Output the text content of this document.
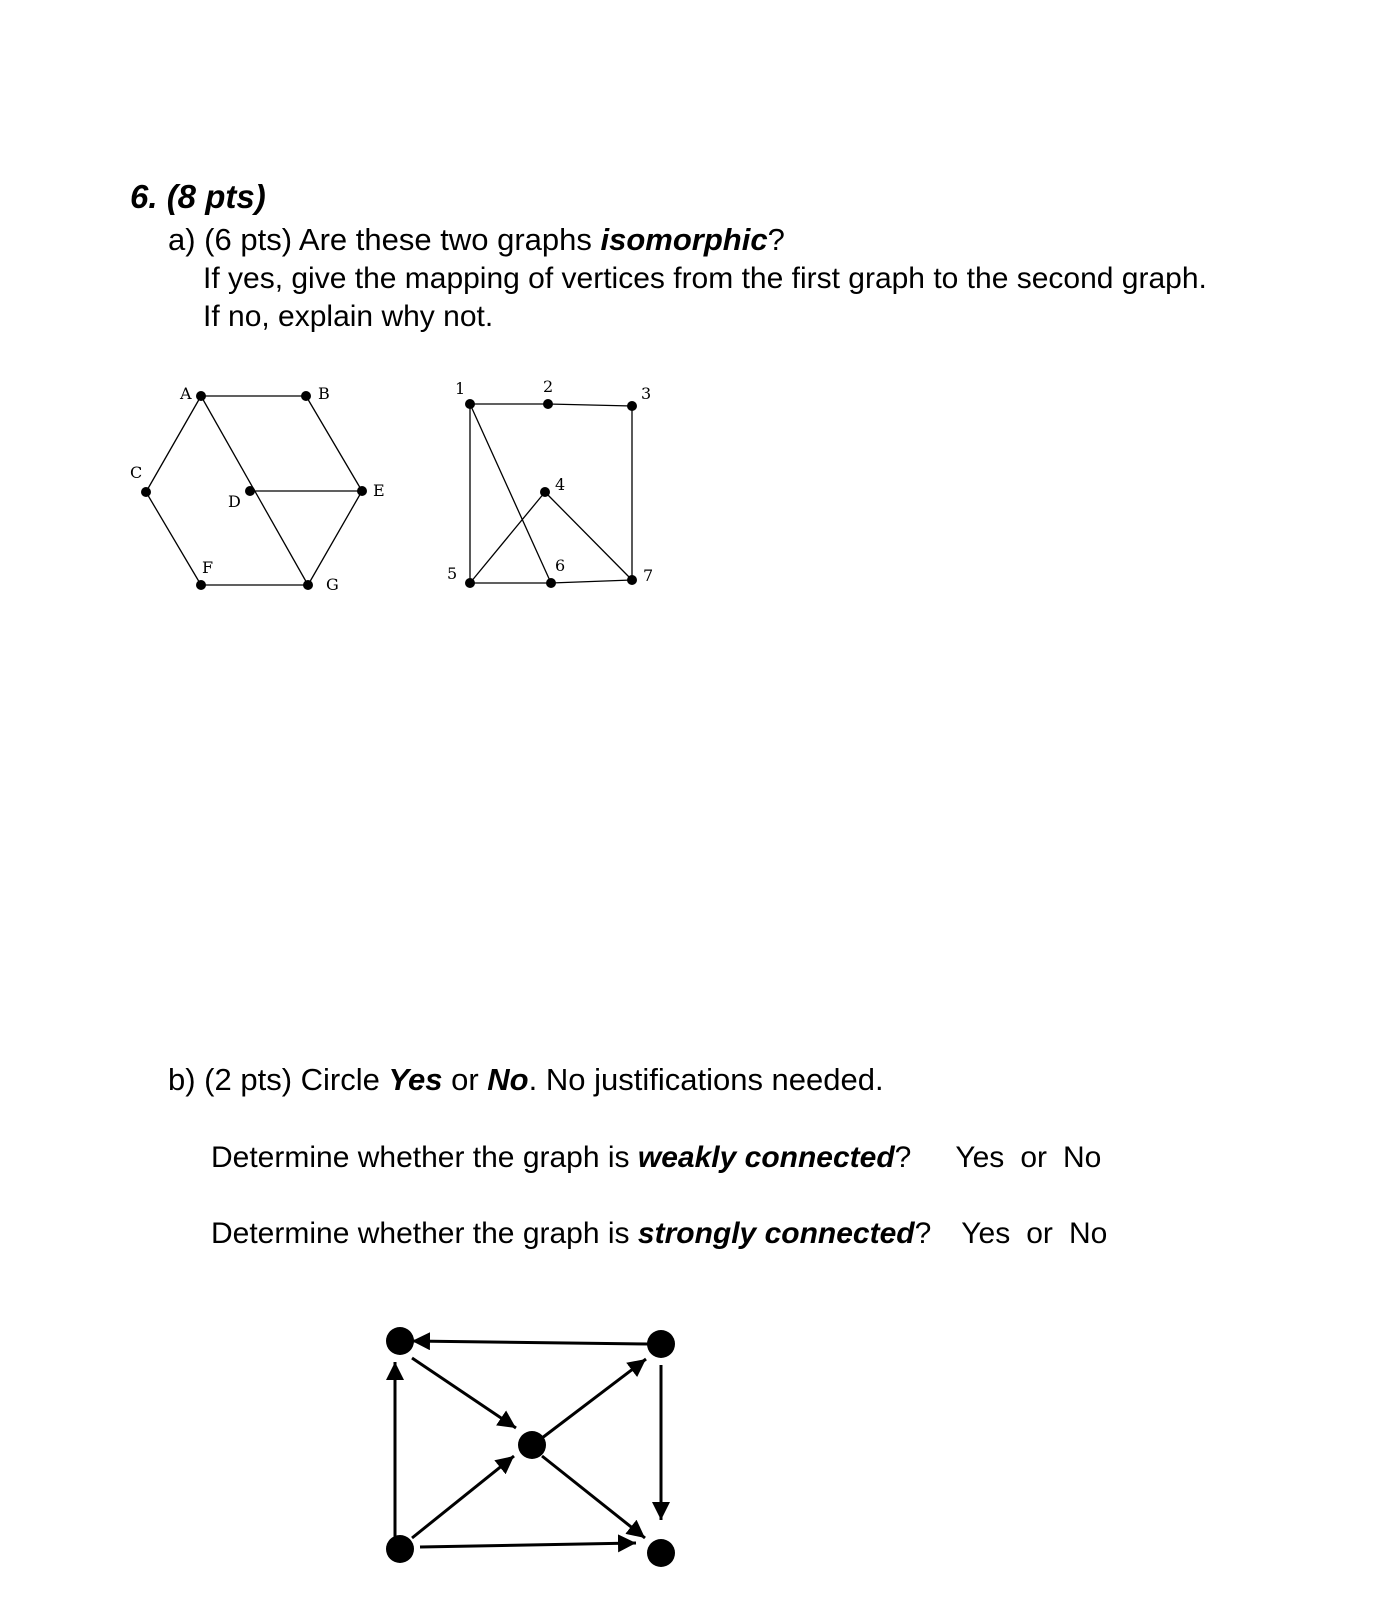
6. (8 pts)
a) (6 pts) Are these two graphs isomorphic?
If yes, give the mapping of vertices from the first graph to the second graph.
If no, explain why not.
A	B
C
D
E
F
G
1	2	3
4
5	6
7
b) (2 pts) Circle Yes or No. No justifications needed.
Determine whether the graph is weakly connected? Yes or No
Determine whether the graph is strongly connected? Yes or No
